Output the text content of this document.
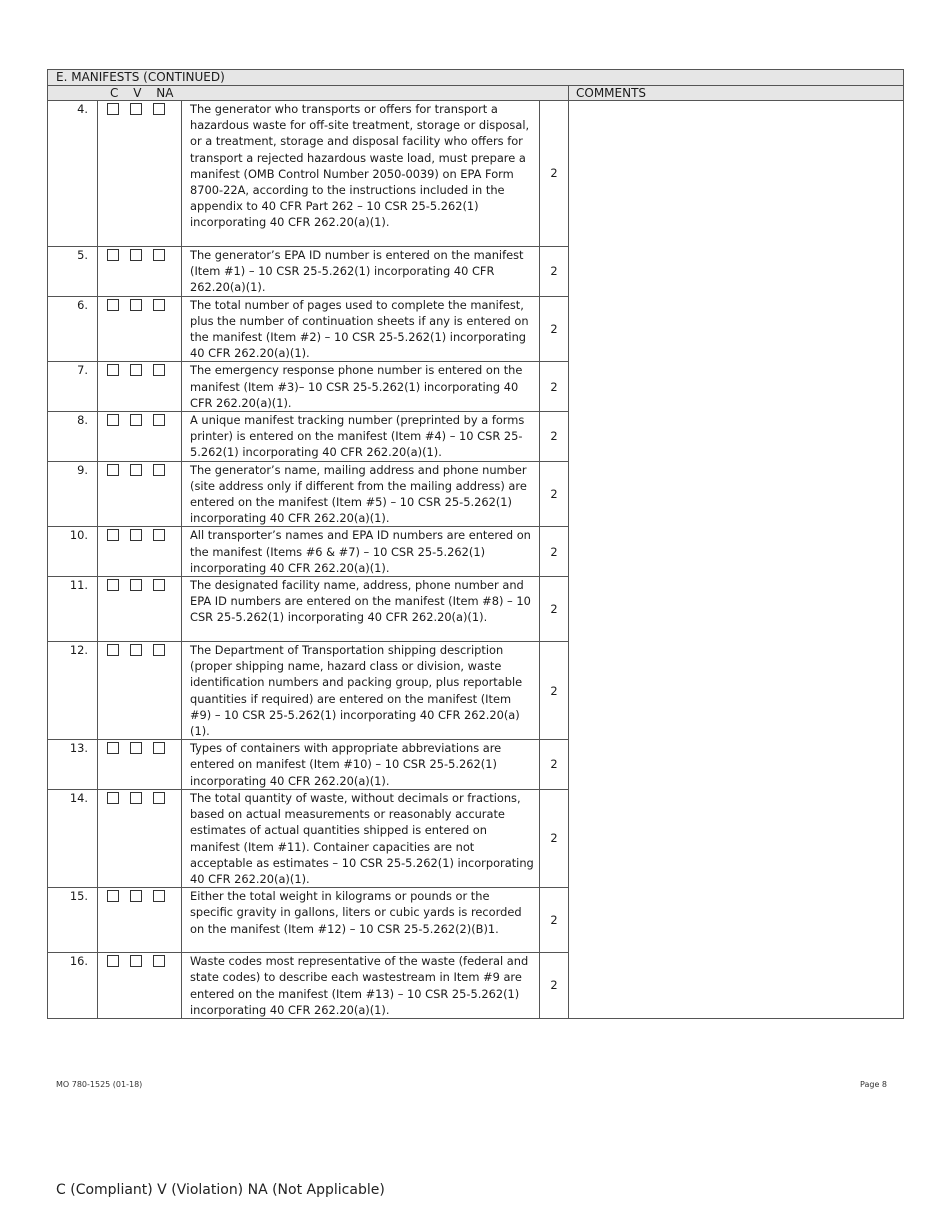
E. MANIFESTS (CONTINUED)				
C V NA				COMMENTS
4.		The generator who transports or offers for transport a hazardous waste for off-site treatment, storage or disposal, or a treatment, storage and disposal facility who offers for transport a rejected hazardous waste load, must prepare a manifest (OMB Control Number 2050-0039) on EPA Form 8700-22A, according to the instructions included in the appendix to 40 CFR Part 262 – 10 CSR 25-5.262(1) incorporating 40 CFR 262.20(a)(1).	2	
5.		The generator’s EPA ID number is entered on the manifest (Item #1) – 10 CSR 25-5.262(1) incorporating 40 CFR 262.20(a)(1).	2	
6.		The total number of pages used to complete the manifest, plus the number of continuation sheets if any is entered on the manifest (Item #2) – 10 CSR 25-5.262(1) incorporating 40 CFR 262.20(a)(1).	2	
7.		The emergency response phone number is entered on the manifest (Item #3)– 10 CSR 25-5.262(1) incorporating 40 CFR 262.20(a)(1).	2	
8.		A unique manifest tracking number (preprinted by a forms printer) is entered on the manifest (Item #4) – 10 CSR 25-5.262(1) incorporating 40 CFR 262.20(a)(1).	2	
9.		The generator’s name, mailing address and phone number (site address only if different from the mailing address) are entered on the manifest (Item #5) – 10 CSR 25-5.262(1) incorporating 40 CFR 262.20(a)(1).	2	
10.		All transporter’s names and EPA ID numbers are entered on the manifest (Items #6 & #7) – 10 CSR 25-5.262(1) incorporating 40 CFR 262.20(a)(1).	2	
11.		The designated facility name, address, phone number and EPA ID numbers are entered on the manifest (Item #8) – 10 CSR 25-5.262(1) incorporating 40 CFR 262.20(a)(1).	2	
12.		The Department of Transportation shipping description (proper shipping name, hazard class or division, waste identification numbers and packing group, plus reportable quantities if required) are entered on the manifest (Item #9) – 10 CSR 25-5.262(1) incorporating 40 CFR 262.20(a)(1).	2	
13.		Types of containers with appropriate abbreviations are entered on manifest (Item #10) – 10 CSR 25-5.262(1) incorporating 40 CFR 262.20(a)(1).	2	
14.		The total quantity of waste, without decimals or fractions, based on actual measurements or reasonably accurate estimates of actual quantities shipped is entered on manifest (Item #11). Container capacities are not acceptable as estimates – 10 CSR 25-5.262(1) incorporating 40 CFR 262.20(a)(1).	2	
15.		Either the total weight in kilograms or pounds or the specific gravity in gallons, liters or cubic yards is recorded on the manifest (Item #12) – 10 CSR 25-5.262(2)(B)1.	2	
16.		Waste codes most representative of the waste (federal and state codes) to describe each wastestream in Item #9 are entered on the manifest (Item #13) – 10 CSR 25-5.262(1) incorporating 40 CFR 262.20(a)(1).	2	
MO 780-1525 (01-18)	Page 8
C (Compliant) V (Violation) NA (Not Applicable)
